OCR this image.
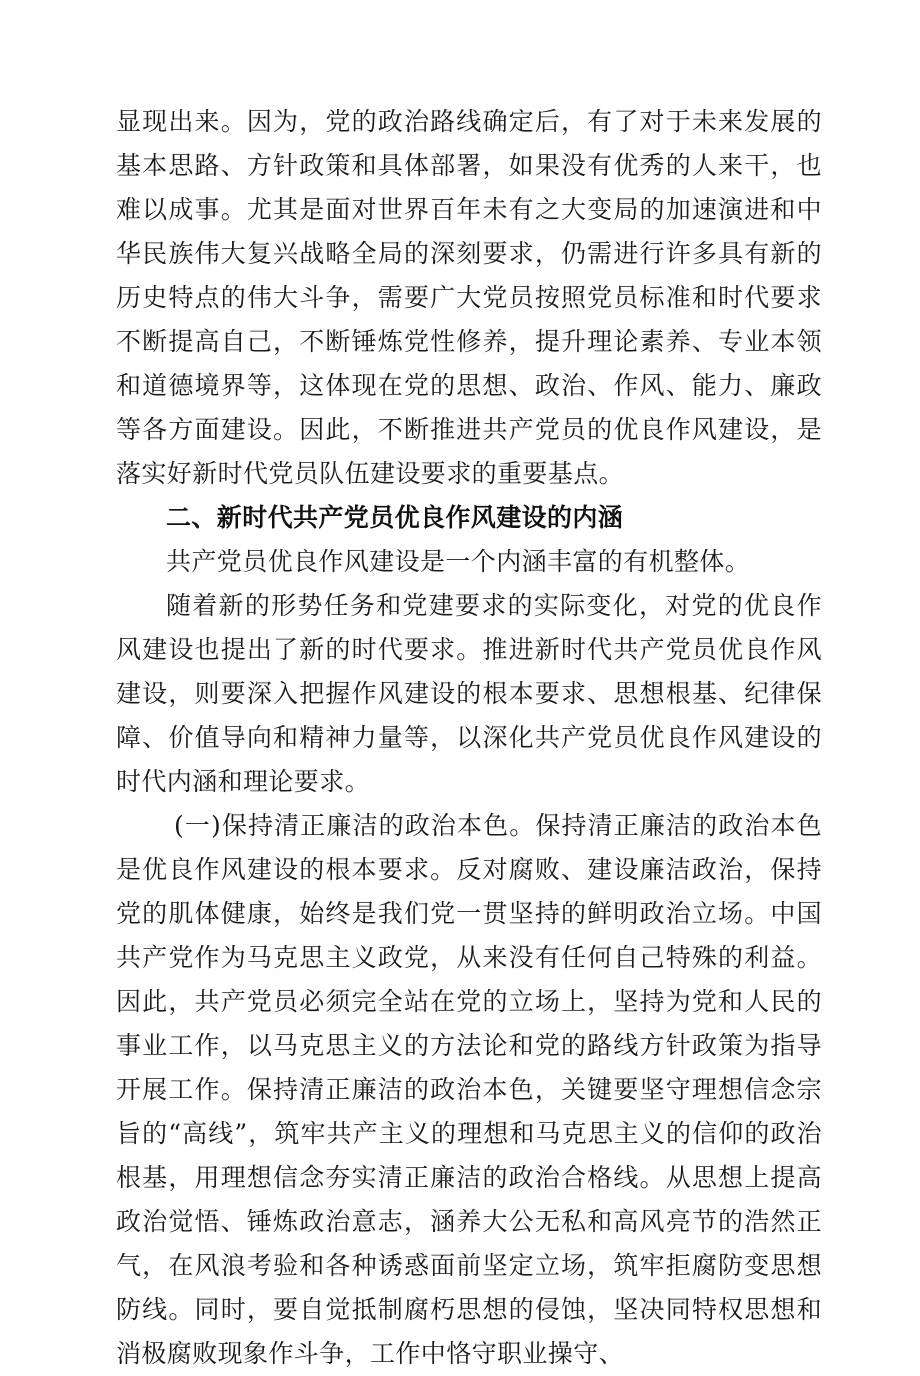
显现出来。因为，党的政治路线确定后，有了对于未来发展的基本思路、方针政策和具体部署，如果没有优秀的人来干，也难以成事。尤其是面对世界百年未有之大变局的加速演进和中华民族伟大复兴战略全局的深刻要求，仍需进行许多具有新的历史特点的伟大斗争，需要广大党员按照党员标准和时代要求不断提高自己，不断锤炼党性修养，提升理论素养、专业本领和道德境界等，这体现在党的思想、政治、作风、能力、廉政等各方面建设。因此，不断推进共产党员的优良作风建设，是落实好新时代党员队伍建设要求的重要基点。

二、新时代共产党员优良作风建设的内涵

共产党员优良作风建设是一个内涵丰富的有机整体。

随着新的形势任务和党建要求的实际变化，对党的优良作风建设也提出了新的时代要求。推进新时代共产党员优良作风建设，则要深入把握作风建设的根本要求、思想根基、纪律保障、价值导向和精神力量等，以深化共产党员优良作风建设的时代内涵和理论要求。

(一)保持清正廉洁的政治本色。保持清正廉洁的政治本色是优良作风建设的根本要求。反对腐败、建设廉洁政治，保持党的肌体健康，始终是我们党一贯坚持的鲜明政治立场。中国共产党作为马克思主义政党，从来没有任何自己特殊的利益。因此，共产党员必须完全站在党的立场上，坚持为党和人民的事业工作，以马克思主义的方法论和党的路线方针政策为指导开展工作。保持清正廉洁的政治本色，关键要坚守理想信念宗旨的“高线”，筑牢共产主义的理想和马克思主义的信仰的政治根基，用理想信念夯实清正廉洁的政治合格线。从思想上提高政治觉悟、锤炼政治意志，涵养大公无私和高风亮节的浩然正气，在风浪考验和各种诱惑面前坚定立场，筑牢拒腐防变思想防线。同时，要自觉抵制腐朽思想的侵蚀，坚决同特权思想和消极腐败现象作斗争，工作中恪守职业操守、
